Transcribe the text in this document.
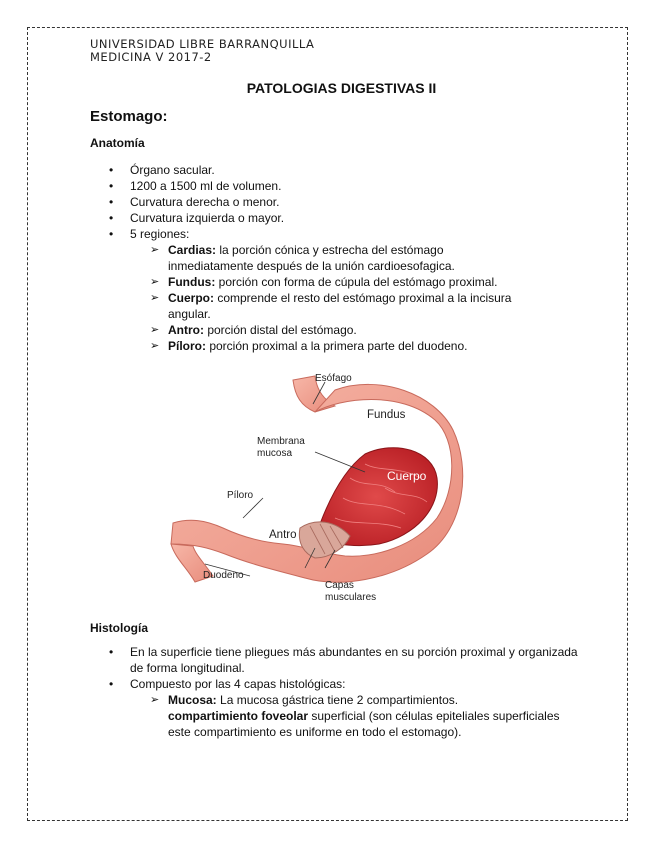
UNIVERSIDAD LIBRE BARRANQUILLA
MEDICINA V 2017-2
PATOLOGIAS DIGESTIVAS II
Estomago:
Anatomía
• Órgano sacular.
• 1200 a 1500 ml de volumen.
• Curvatura derecha o menor.
• Curvatura izquierda o mayor.
• 5 regiones:
➢ Cardias: la porción cónica y estrecha del estómago inmediatamente después de la unión cardioesofagica.
➢ Fundus: porción con forma de cúpula del estómago proximal.
➢ Cuerpo: comprende el resto del estómago proximal a la incisura angular.
➢ Antro: porción distal del estómago.
➢ Píloro: porción proximal a la primera parte del duodeno.
Esófago
Fundus
Membrana
mucosa
Cuerpo
Píloro
Antro
Duodeno
Capas
musculares
Histología
• En la superficie tiene pliegues más abundantes en su porción proximal y organizada de forma longitudinal.
• Compuesto por las 4 capas histológicas:
➢ Mucosa: La mucosa gástrica tiene 2 compartimientos.
compartimiento foveolar superficial (son células epiteliales superficiales este compartimiento es uniforme en todo el estomago).
